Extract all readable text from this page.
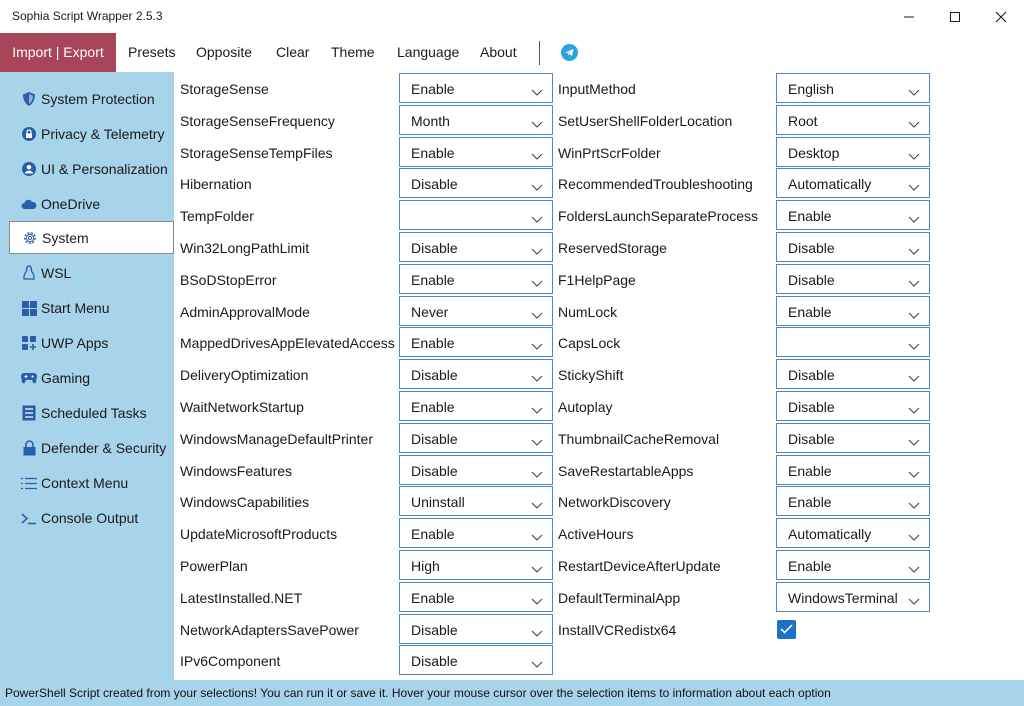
Sophia Script Wrapper 2.5.3
Import | Export	Presets Opposite Clear Theme Language About
System Protection
Privacy & Telemetry
UI & Personalization
OneDrive
System
WSL
Start Menu
UWP Apps
Gaming
Scheduled Tasks
Defender & Security
Context Menu
Console Output
StorageSense	Enable
StorageSenseFrequency	Month
StorageSenseTempFiles	Enable
Hibernation	Disable
TempFolder
Win32LongPathLimit	Disable
BSoDStopError	Enable
AdminApprovalMode	Never
MappedDrivesAppElevatedAccess Enable
DeliveryOptimization	Disable
WaitNetworkStartup	Enable
WindowsManageDefaultPrinter	Disable
WindowsFeatures	Disable
WindowsCapabilities	Uninstall
UpdateMicrosoftProducts	Enable
PowerPlan	High
LatestInstalled.NET	Enable
NetworkAdaptersSavePower	Disable
IPv6Component	Disable
InputMethod	English
SetUserShellFolderLocation	Root
WinPrtScrFolder	Desktop
RecommendedTroubleshooting	Automatically
FoldersLaunchSeparateProcess Enable
ReservedStorage	Disable
F1HelpPage	Disable
NumLock	Enable
CapsLock
StickyShift	Disable
Autoplay	Disable
ThumbnailCacheRemoval	Disable
SaveRestartableApps	Enable
NetworkDiscovery	Enable
ActiveHours	Automatically
RestartDeviceAfterUpdate	Enable
DefaultTerminalApp	WindowsTerminal
InstallVCRedistx64
PowerShell Script created from your selections! You can run it or save it. Hover your mouse cursor over the selection items to information about each option
